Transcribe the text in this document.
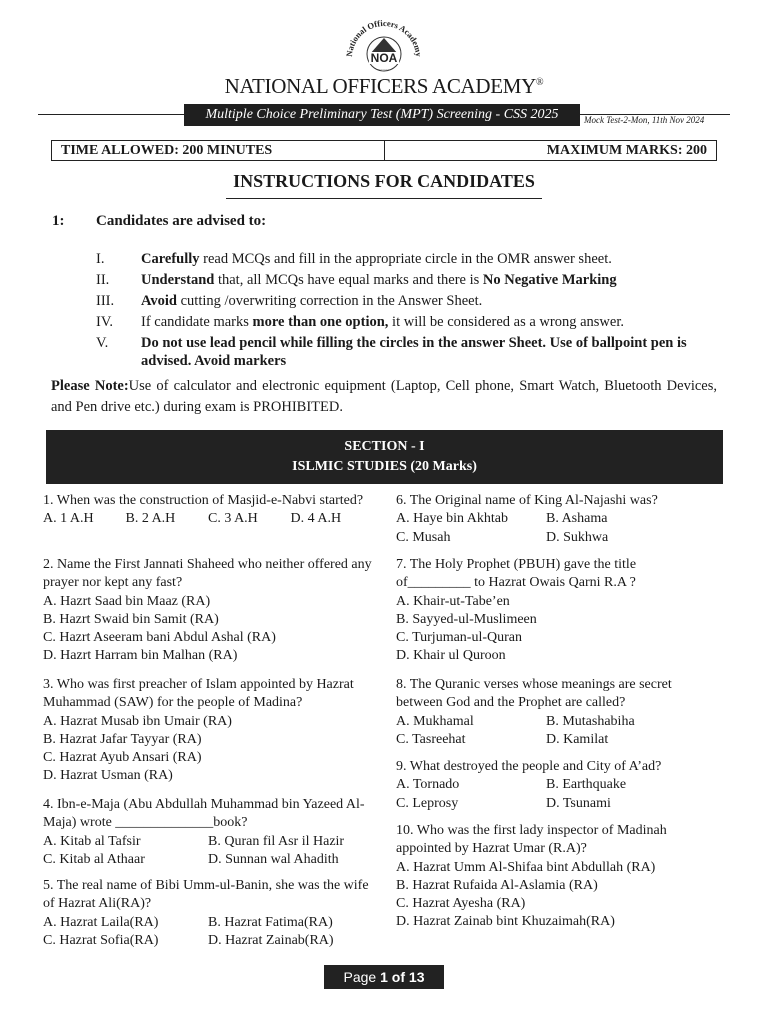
National Officers Academy
NOA
~~~~~~~~~~
NATIONAL OFFICERS ACADEMY®
Multiple Choice Preliminary Test (MPT) Screening - CSS 2025	Mock Test-2-Mon, 11th Nov 2024
TIME ALLOWED: 200 MINUTES	MAXIMUM MARKS: 200
INSTRUCTIONS FOR CANDIDATES
1: Candidates are advised to:
I.	Carefully read MCQs and fill in the appropriate circle in the OMR answer sheet.
II.	Understand that, all MCQs have equal marks and there is No Negative Marking
III.	Avoid cutting /overwriting correction in the Answer Sheet.
IV.	If candidate marks more than one option, it will be considered as a wrong answer.
V.	Do not use lead pencil while filling the circles in the answer Sheet. Use of ballpoint pen is advised. Avoid markers
Please Note:Use of calculator and electronic equipment (Laptop, Cell phone, Smart Watch, Bluetooth Devices, and Pen drive etc.) during exam is PROHIBITED.
SECTION - I
ISLMIC STUDIES (20 Marks)
1. When was the construction of Masjid-e-Nabvi started?
A. 1 A.H	B. 2 A.H	C. 3 A.H	D. 4 A.H
2. Name the First Jannati Shaheed who neither offered any prayer nor kept any fast?
A. Hazrt Saad bin Maaz (RA)
B. Hazrt Swaid bin Samit (RA)
C. Hazrt Aseeram bani Abdul Ashal (RA)
D. Hazrt Harram bin Malhan (RA)
3. Who was first preacher of Islam appointed by Hazrat Muhammad (SAW) for the people of Madina?
A. Hazrat Musab ibn Umair (RA)
B. Hazrat Jafar Tayyar (RA)
C. Hazrat Ayub Ansari (RA)
D. Hazrat Usman (RA)
4. Ibn-e-Maja (Abu Abdullah Muhammad bin Yazeed Al-Maja) wrote ______________book?
A. Kitab al Tafsir	B. Quran fil Asr il Hazir
C. Kitab al Athaar	D. Sunnan wal Ahadith
5. The real name of Bibi Umm-ul-Banin, she was the wife of Hazrat Ali(RA)?
A. Hazrat Laila(RA)	B. Hazrat Fatima(RA)
C. Hazrat Sofia(RA)	D. Hazrat Zainab(RA)
6. The Original name of King Al-Najashi was?
A. Haye bin Akhtab	B. Ashama
C. Musah	D. Sukhwa
7. The Holy Prophet (PBUH) gave the title of_________ to Hazrat Owais Qarni R.A ?
A. Khair-ut-Tabe’en
B. Sayyed-ul-Muslimeen
C. Turjuman-ul-Quran
D. Khair ul Quroon
8. The Quranic verses whose meanings are secret between God and the Prophet are called?
A. Mukhamal	B. Mutashabiha
C. Tasreehat	D. Kamilat
9. What destroyed the people and City of A’ad?
A. Tornado	B. Earthquake
C. Leprosy	D. Tsunami
10. Who was the first lady inspector of Madinah appointed by Hazrat Umar (R.A)?
A. Hazrat Umm Al-Shifaa bint Abdullah (RA)
B. Hazrat Rufaida Al-Aslamia (RA)
C. Hazrat Ayesha (RA)
D. Hazrat Zainab bint Khuzaimah(RA)
Page 1 of 13
